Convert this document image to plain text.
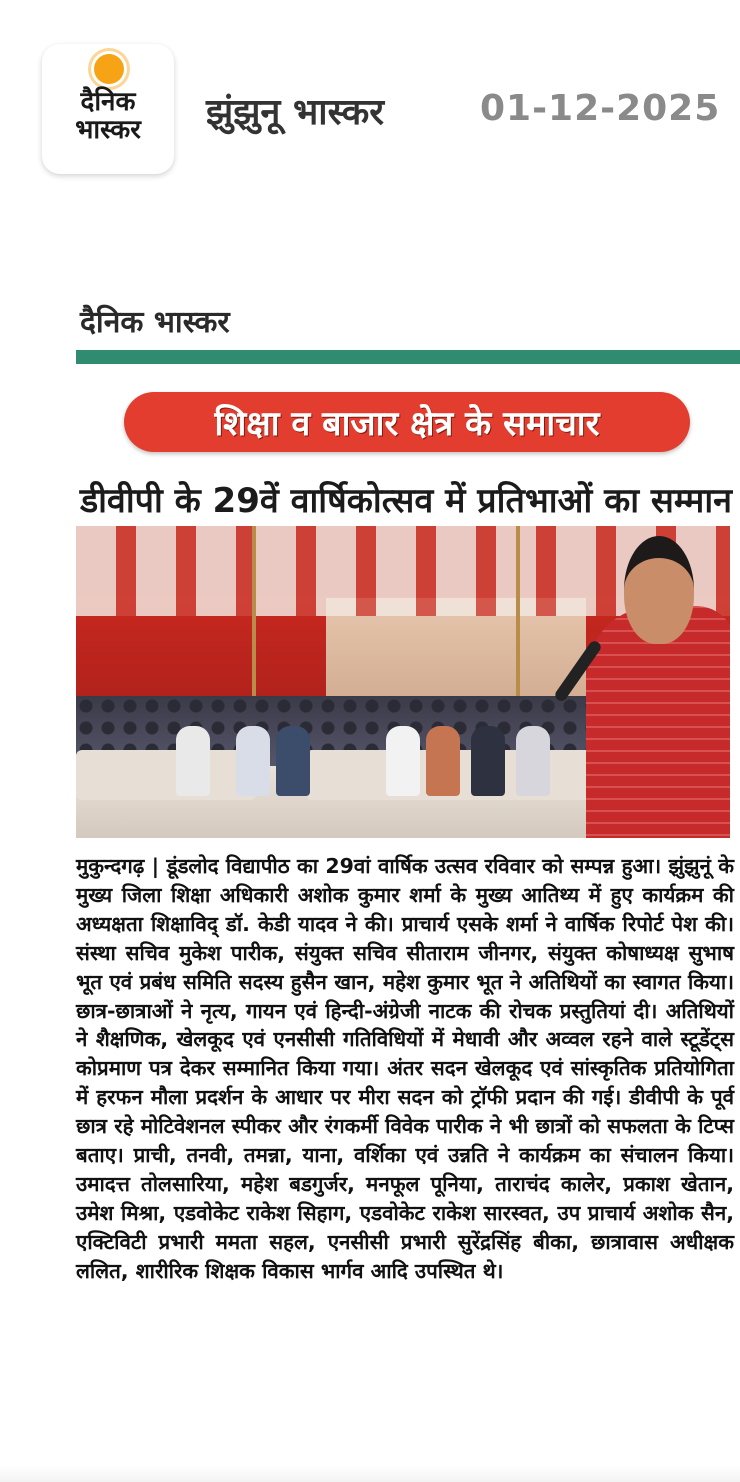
दैनिक
भास्कर	झुंझुनू भास्कर	01-12-2025
दैनिक भास्कर
शिक्षा व बाजार क्षेत्र के समाचार
डीवीपी के 29वें वार्षिकोत्सव में प्रतिभाओं का सम्मान

मुकुन्दगढ़ | डूंडलोद विद्यापीठ का 29वां वार्षिक उत्सव रविवार को सम्पन्न हुआ। झुंझुनूं के मुख्य जिला शिक्षा अधिकारी अशोक कुमार शर्मा के मुख्य आतिथ्य में हुए कार्यक्रम की अध्यक्षता शिक्षाविद् डॉ. केडी यादव ने की। प्राचार्य एसके शर्मा ने वार्षिक रिपोर्ट पेश की। संस्था सचिव मुकेश पारीक, संयुक्त सचिव सीताराम जीनगर, संयुक्त कोषाध्यक्ष सुभाष भूत एवं प्रबंध समिति सदस्य हुसैन खान, महेश कुमार भूत ने अतिथियों का स्वागत किया। छात्र-छात्राओं ने नृत्य, गायन एवं हिन्दी-अंग्रेजी नाटक की रोचक प्रस्तुतियां दी। अतिथियों ने शैक्षणिक, खेलकूद एवं एनसीसी गतिविधियों में मेधावी और अव्वल रहने वाले स्टूडेंट्स कोप्रमाण पत्र देकर सम्मानित किया गया। अंतर सदन खेलकूद एवं सांस्कृतिक प्रतियोगिता में हरफन मौला प्रदर्शन के आधार पर मीरा सदन को ट्रॉफी प्रदान की गई। डीवीपी के पूर्व छात्र रहे मोटिवेशनल स्पीकर और रंगकर्मी विवेक पारीक ने भी छात्रों को सफलता के टिप्स बताए। प्राची, तनवी, तमन्ना, याना, वर्शिका एवं उन्नति ने कार्यक्रम का संचालन किया। उमादत्त तोलसारिया, महेश बडगुर्जर, मनफूल पूनिया, ताराचंद कालेर, प्रकाश खेतान, उमेश मिश्रा, एडवोकेट राकेश सिहाग, एडवोकेट राकेश सारस्वत, उप प्राचार्य अशोक सैन, एक्टिविटी प्रभारी ममता सहल, एनसीसी प्रभारी सुरेंद्रसिंह बीका, छात्रावास अधीक्षक ललित, शारीरिक शिक्षक विकास भार्गव आदि उपस्थित थे।
